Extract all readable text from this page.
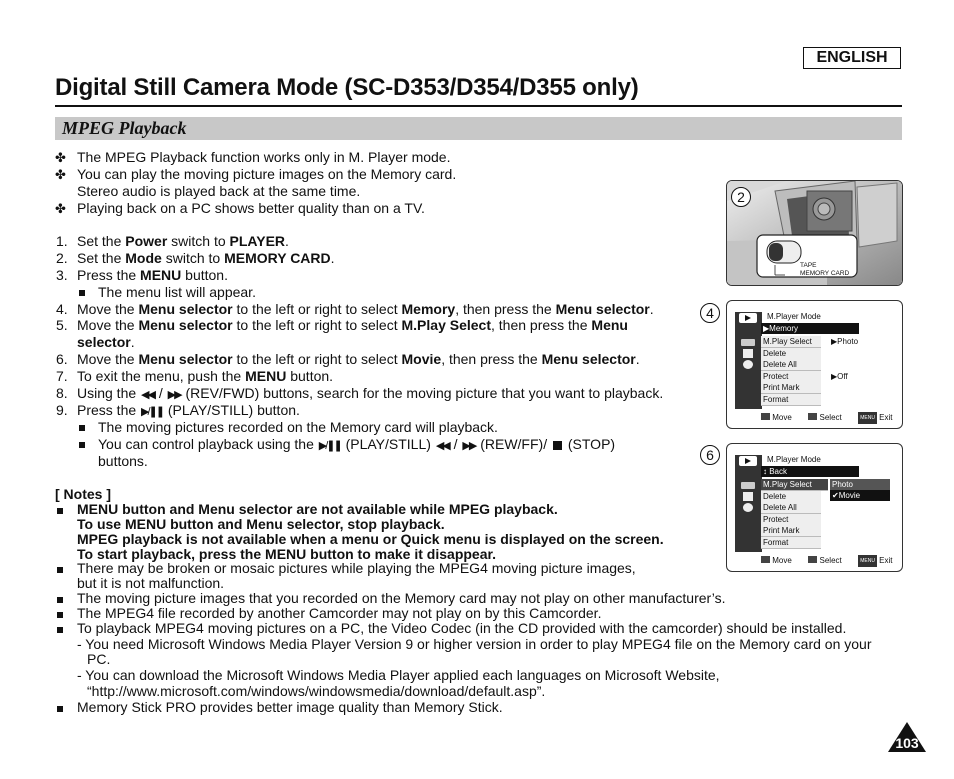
ENGLISH
Digital Still Camera Mode (SC-D353/D354/D355 only)
MPEG Playback
✤ The MPEG Playback function works only in M. Player mode.
✤ You can play the moving picture images on the Memory card.
Stereo audio is played back at the same time.
✤ Playing back on a PC shows better quality than on a TV.
1. Set the Power switch to PLAYER.
2. Set the Mode switch to MEMORY CARD.
3. Press the MENU button.
The menu list will appear.
4. Move the Menu selector to the left or right to select Memory, then press the Menu selector.
5. Move the Menu selector to the left or right to select M.Play Select, then press the Menu
selector.
6. Move the Menu selector to the left or right to select Movie, then press the Menu selector.
7. To exit the menu, push the MENU button.
8. Using the ◀◀ / ▶▶ (REV/FWD) buttons, search for the moving picture that you want to playback.
9. Press the ▶/❚❚ (PLAY/STILL) button.
The moving pictures recorded on the Memory card will playback.
You can control playback using the ▶/❚❚ (PLAY/STILL) ◀◀ / ▶▶ (REW/FF)/  (STOP)
buttons.
[ Notes ]
MENU button and Menu selector are not available while MPEG playback.
To use MENU button and Menu selector, stop playback.
MPEG playback is not available when a menu or Quick menu is displayed on the screen.
To start playback, press the MENU button to make it disappear.
There may be broken or mosaic pictures while playing the MPEG4 moving picture images,
but it is not malfunction.
The moving picture images that you recorded on the Memory card may not play on other manufacturer’s.
The MPEG4 file recorded by another Camcorder may not play on by this Camcorder.
To playback MPEG4 moving pictures on a PC, the Video Codec (in the CD provided with the camcorder) should be installed.
- You need Microsoft Windows Media Player Version 9 or higher version in order to play MPEG4 file on the Memory card on your
PC.
- You can download the Microsoft Windows Media Player applied each languages on Microsoft Website,
“http://www.microsoft.com/windows/windowsmedia/download/default.asp”.
Memory Stick PRO provides better image quality than Memory Stick.
TAPE
MEMORY CARD
2
4	M.Player Mode
▶Memory
M.Play Select
Delete
Delete All
Protect
Print Mark
Format
▶Photo
▶Off
Move	Select	MENU Exit
6	M.Player Mode
↕ Back
M.Play Select
Delete
Delete All
Protect
Print Mark
Format
Photo
✔Movie
Move	Select	MENU Exit
103
